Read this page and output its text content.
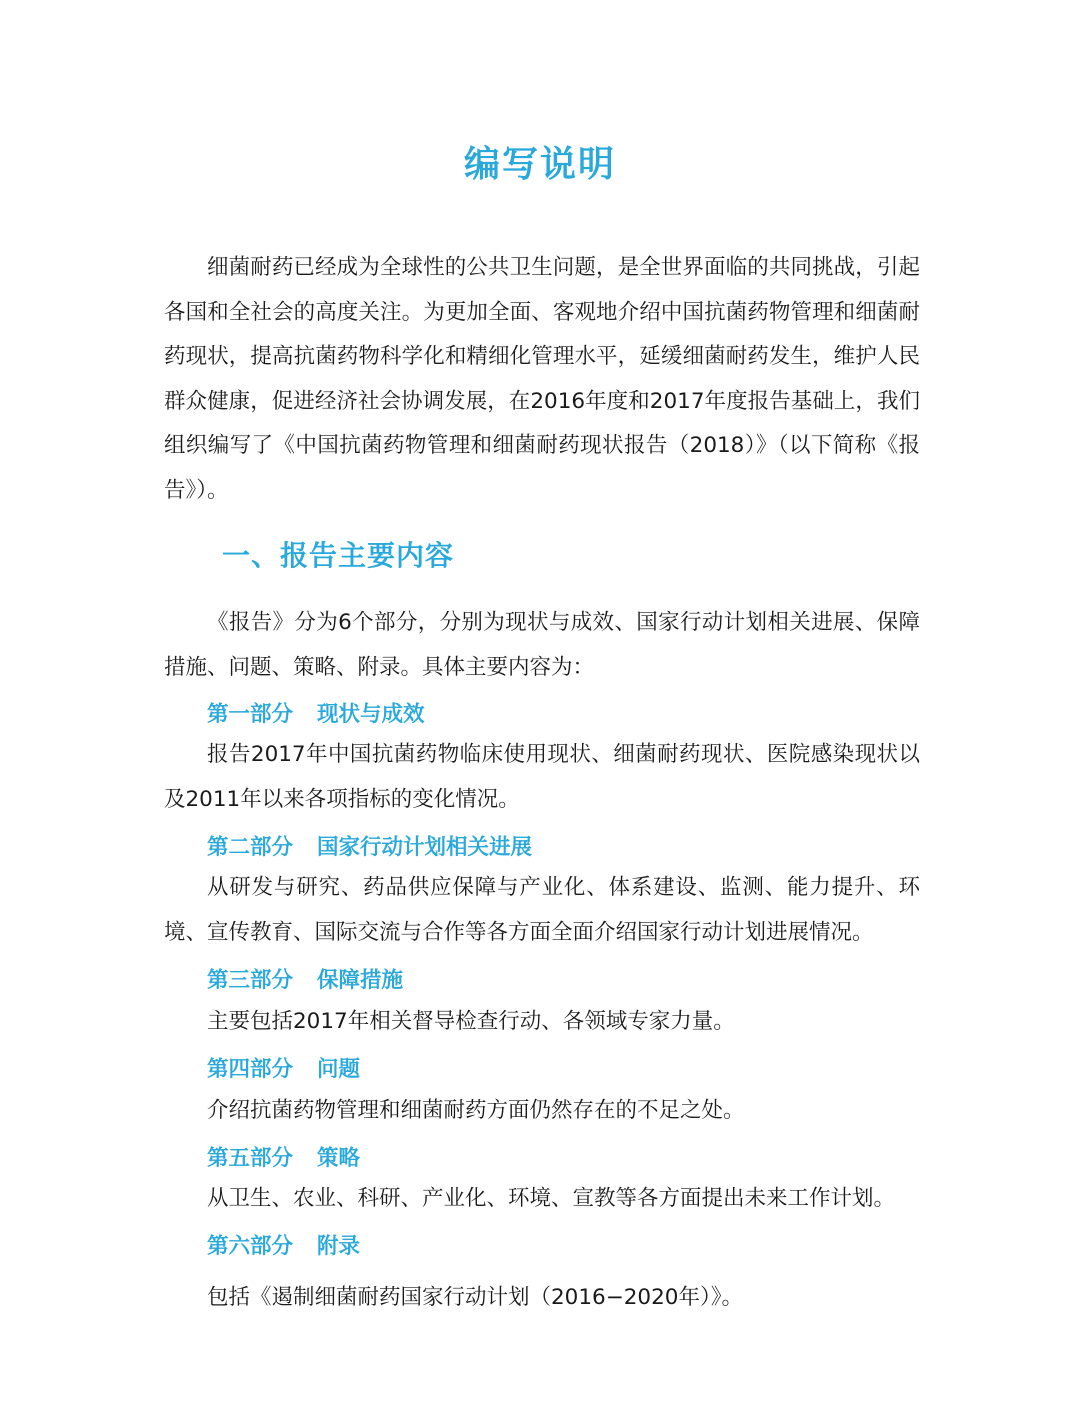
编写说明

细菌耐药已经成为全球性的公共卫生问题，是全世界面临的共同挑战，引起各国和全社会的高度关注。为更加全面、客观地介绍中国抗菌药物管理和细菌耐药现状，提高抗菌药物科学化和精细化管理水平，延缓细菌耐药发生，维护人民群众健康，促进经济社会协调发展，在2016年度和2017年度报告基础上，我们组织编写了《中国抗菌药物管理和细菌耐药现状报告（2018）》（以下简称《报告》）。

一、报告主要内容

《报告》分为6个部分，分别为现状与成效、国家行动计划相关进展、保障措施、问题、策略、附录。具体主要内容为：

第一部分 现状与成效

报告2017年中国抗菌药物临床使用现状、细菌耐药现状、医院感染现状以及2011年以来各项指标的变化情况。

第二部分 国家行动计划相关进展

从研发与研究、药品供应保障与产业化、体系建设、监测、能力提升、环境、宣传教育、国际交流与合作等各方面全面介绍国家行动计划进展情况。

第三部分 保障措施

主要包括2017年相关督导检查行动、各领域专家力量。

第四部分 问题

介绍抗菌药物管理和细菌耐药方面仍然存在的不足之处。

第五部分 策略

从卫生、农业、科研、产业化、环境、宣教等各方面提出未来工作计划。

第六部分 附录

包括《遏制细菌耐药国家行动计划（2016−2020年）》。
